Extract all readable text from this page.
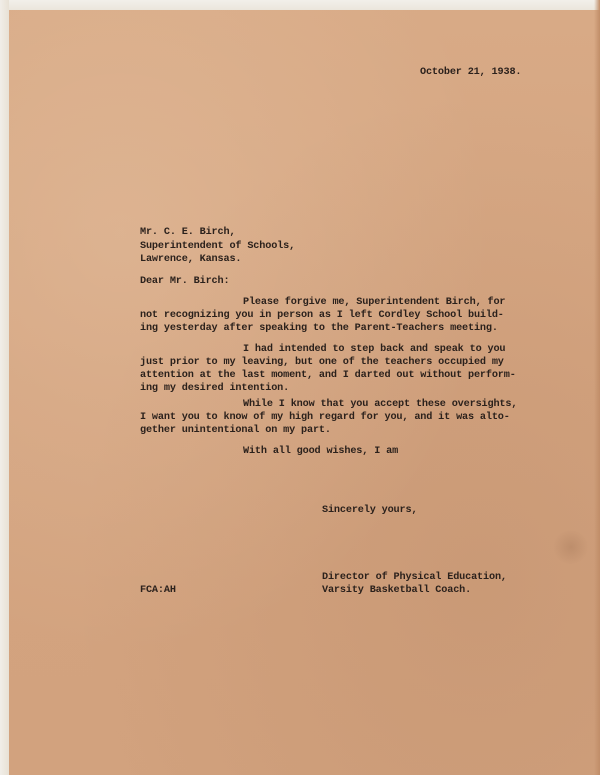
October 21, 1938.
Mr. C. E. Birch,
Superintendent of Schools,
Lawrence, Kansas.
Dear Mr. Birch:
Please forgive me, Superintendent Birch, for
not recognizing you in person as I left Cordley School build-
ing yesterday after speaking to the Parent-Teachers meeting.
I had intended to step back and speak to you
just prior to my leaving, but one of the teachers occupied my
attention at the last moment, and I darted out without perform-
ing my desired intention.
While I know that you accept these oversights,
I want you to know of my high regard for you, and it was alto-
gether unintentional on my part.
With all good wishes, I am
Sincerely yours,
Director of Physical Education,
Varsity Basketball Coach.
FCA:AH
